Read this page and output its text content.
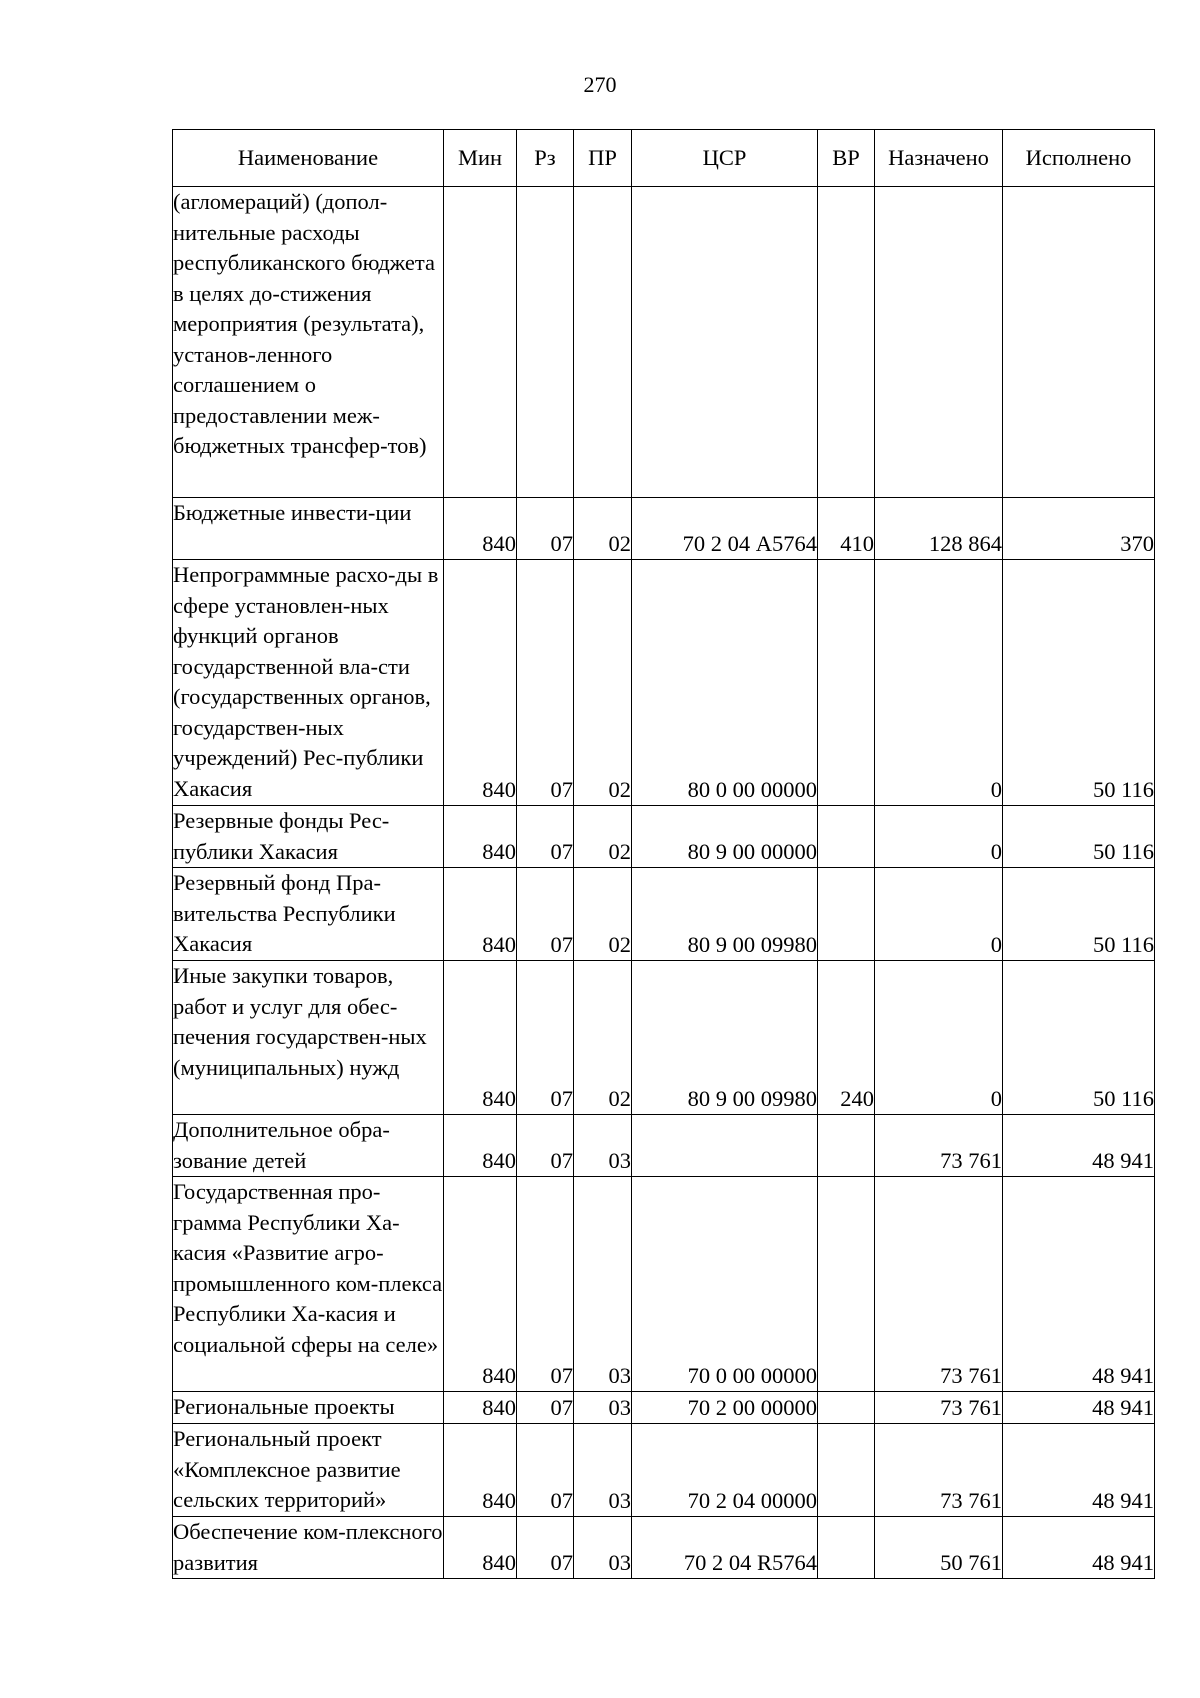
270
Наименование	Мин	Рз	ПР	ЦСР	ВР	Назначено	Исполнено
(агломераций) (допол-нительные расходы республиканского бюджета в целях до-стижения мероприятия (результата), установ-ленного соглашением о предоставлении меж-бюджетных трансфер-тов)							
Бюджетные инвести-ции	840	07	02	70 2 04 А5764	410	128 864	370
Непрограммные расхо-ды в сфере установлен-ных функций органов государственной вла-сти (государственных органов, государствен-ных учреждений) Рес-публики Хакасия	840	07	02	80 0 00 00000		0	50 116
Резервные фонды Рес-публики Хакасия	840	07	02	80 9 00 00000		0	50 116
Резервный фонд Пра-вительства Республики Хакасия	840	07	02	80 9 00 09980		0	50 116
Иные закупки товаров, работ и услуг для обес-печения государствен-ных (муниципальных) нужд	840	07	02	80 9 00 09980	240	0	50 116
Дополнительное обра-зование детей	840	07	03			73 761	48 941
Государственная про-грамма Республики Ха-касия «Развитие агро-промышленного ком-плекса Республики Ха-касия и социальной сферы на селе»	840	07	03	70 0 00 00000		73 761	48 941
Региональные проекты	840	07	03	70 2 00 00000		73 761	48 941
Региональный проект «Комплексное развитие сельских территорий»	840	07	03	70 2 04 00000		73 761	48 941
Обеспечение ком-плексного развития	840	07	03	70 2 04 R5764		50 761	48 941
